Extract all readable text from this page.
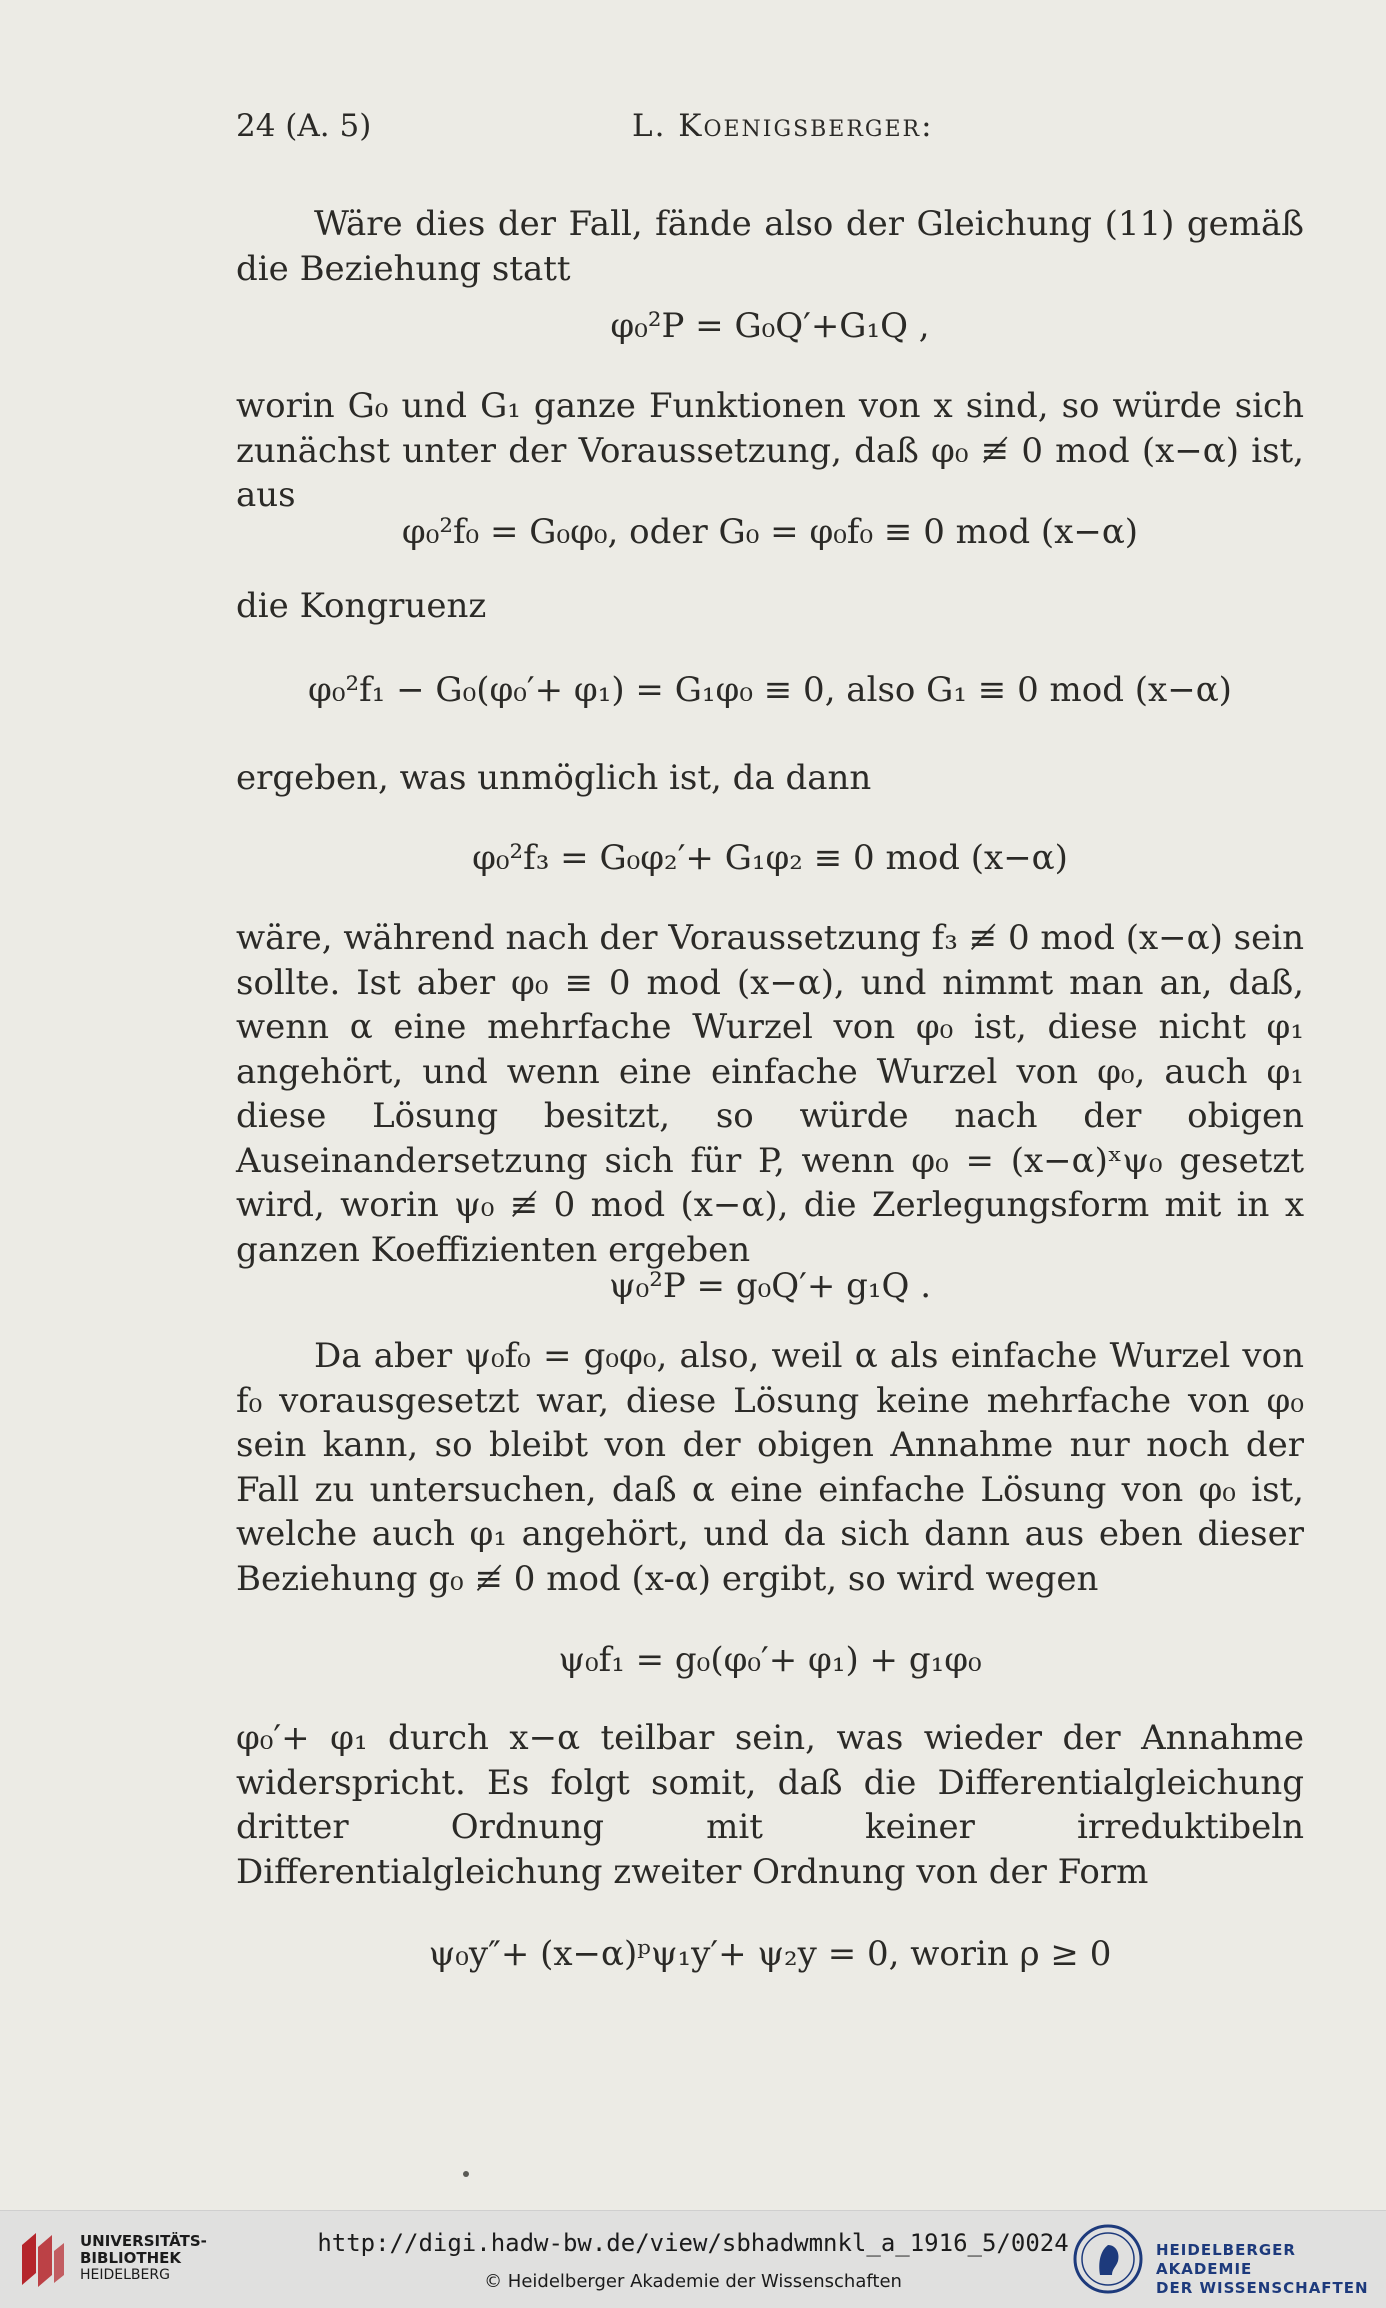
24 (A. 5)	L. Koenigsberger:

Wäre dies der Fall, fände also der Gleichung (11) gemäß die Beziehung statt

φ₀²P = G₀Q′+G₁Q ,

worin G₀ und G₁ ganze Funktionen von x sind, so würde sich zunächst unter der Voraussetzung, daß φ₀ ≢ 0 mod (x−α) ist, aus

φ₀²f₀ = G₀φ₀, oder G₀ = φ₀f₀ ≡ 0 mod (x−α)

die Kongruenz

φ₀²f₁ − G₀(φ₀′+ φ₁) = G₁φ₀ ≡ 0, also G₁ ≡ 0 mod (x−α)

ergeben, was unmöglich ist, da dann

φ₀²f₃ = G₀φ₂′+ G₁φ₂ ≡ 0 mod (x−α)

wäre, während nach der Voraussetzung f₃ ≢ 0 mod (x−α) sein sollte. Ist aber φ₀ ≡ 0 mod (x−α), und nimmt man an, daß, wenn α eine mehrfache Wurzel von φ₀ ist, diese nicht φ₁ angehört, und wenn eine einfache Wurzel von φ₀, auch φ₁ diese Lösung besitzt, so würde nach der obigen Auseinandersetzung sich für P, wenn φ₀ = (x−α)ˣψ₀ gesetzt wird, worin ψ₀ ≢ 0 mod (x−α), die Zerlegungsform mit in x ganzen Koeffizienten ergeben

ψ₀²P = g₀Q′+ g₁Q .

Da aber ψ₀f₀ = g₀φ₀, also, weil α als einfache Wurzel von f₀ vorausgesetzt war, diese Lösung keine mehrfache von φ₀ sein kann, so bleibt von der obigen Annahme nur noch der Fall zu untersuchen, daß α eine einfache Lösung von φ₀ ist, welche auch φ₁ angehört, und da sich dann aus eben dieser Beziehung g₀ ≢ 0 mod (x-α) ergibt, so wird wegen

ψ₀f₁ = g₀(φ₀′+ φ₁) + g₁φ₀

φ₀′+ φ₁ durch x−α teilbar sein, was wieder der Annahme widerspricht. Es folgt somit, daß die Differentialgleichung dritter Ordnung mit keiner irreduktibeln Differentialgleichung zweiter Ordnung von der Form

ψ₀y″+ (x−α)ᵖψ₁y′+ ψ₂y = 0, worin ρ ≥ 0
UNIVERSITÄTS-
BIBLIOTHEK
HEIDELBERG
http://digi.hadw-bw.de/view/sbhadwmnkl_a_1916_5/0024
© Heidelberger Akademie der Wissenschaften
HEIDELBERGER AKADEMIE
DER WISSENSCHAFTEN
